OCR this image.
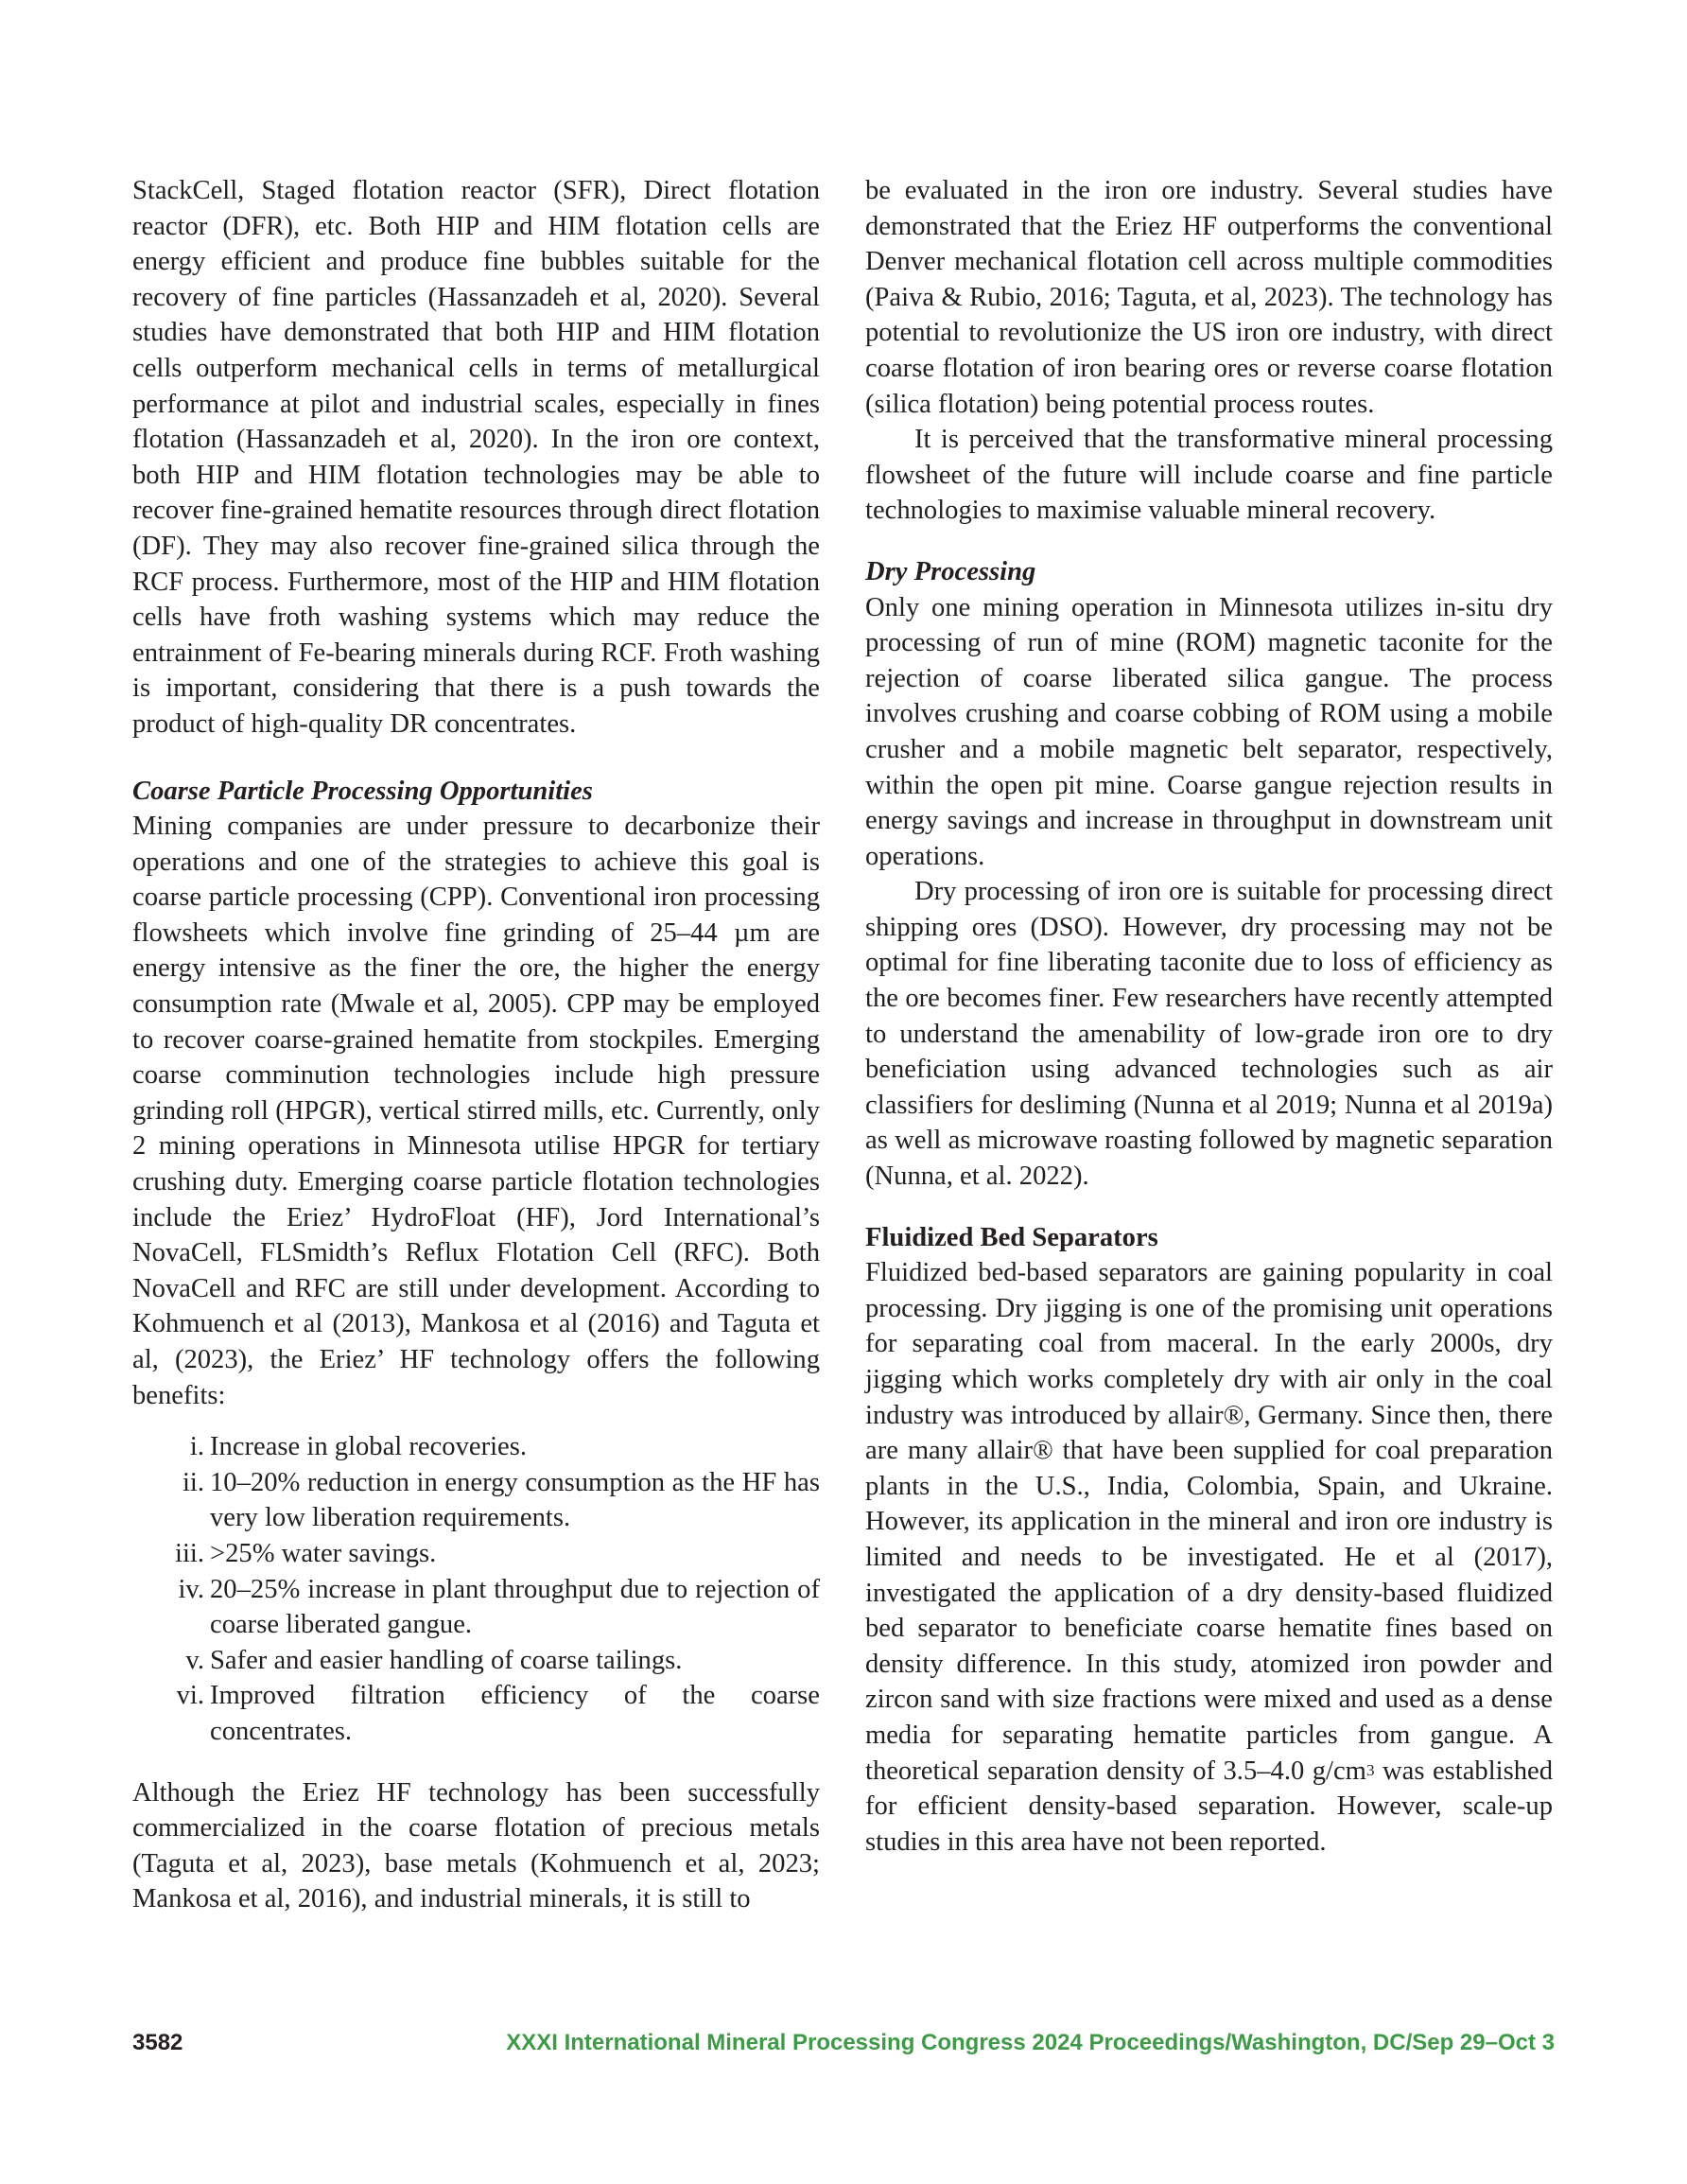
StackCell, Staged flotation reactor (SFR), Direct flotation reactor (DFR), etc. Both HIP and HIM flotation cells are energy efficient and produce fine bubbles suitable for the recovery of fine particles (Hassanzadeh et al, 2020). Several studies have demonstrated that both HIP and HIM flotation cells outperform mechanical cells in terms of metallurgical performance at pilot and industrial scales, especially in fines flotation (Hassanzadeh et al, 2020). In the iron ore context, both HIP and HIM flotation technologies may be able to recover fine-grained hematite resources through direct flotation (DF). They may also recover fine-grained silica through the RCF process. Furthermore, most of the HIP and HIM flotation cells have froth washing systems which may reduce the entrainment of Fe-bearing minerals during RCF. Froth washing is important, considering that there is a push towards the product of high-quality DR concentrates.

Coarse Particle Processing Opportunities

Mining companies are under pressure to decarbonize their operations and one of the strategies to achieve this goal is coarse particle processing (CPP). Conventional iron processing flowsheets which involve fine grinding of 25–44 µm are energy intensive as the finer the ore, the higher the energy consumption rate (Mwale et al, 2005). CPP may be employed to recover coarse-grained hematite from stockpiles. Emerging coarse comminution technologies include high pressure grinding roll (HPGR), vertical stirred mills, etc. Currently, only 2 mining operations in Minnesota utilise HPGR for tertiary crushing duty. Emerging coarse particle flotation technologies include the Eriez’ HydroFloat (HF), Jord International’s NovaCell, FLSmidth’s Reflux Flotation Cell (RFC). Both NovaCell and RFC are still under development. According to Kohmuench et al (2013), Mankosa et al (2016) and Taguta et al, (2023), the Eriez’ HF technology offers the following benefits:

i. Increase in global recoveries.
ii. 10–20% reduction in energy consumption as the HF has very low liberation requirements.
iii. >25% water savings.
iv. 20–25% increase in plant throughput due to rejection of coarse liberated gangue.
v. Safer and easier handling of coarse tailings.
vi. Improved filtration efficiency of the coarse concentrates.

Although the Eriez HF technology has been successfully commercialized in the coarse flotation of precious metals (Taguta et al, 2023), base metals (Kohmuench et al, 2023; Mankosa et al, 2016), and industrial minerals, it is still to

be evaluated in the iron ore industry. Several studies have demonstrated that the Eriez HF outperforms the conventional Denver mechanical flotation cell across multiple commodities (Paiva & Rubio, 2016; Taguta, et al, 2023). The technology has potential to revolutionize the US iron ore industry, with direct coarse flotation of iron bearing ores or reverse coarse flotation (silica flotation) being potential process routes.

It is perceived that the transformative mineral processing flowsheet of the future will include coarse and fine particle technologies to maximise valuable mineral recovery.

Dry Processing

Only one mining operation in Minnesota utilizes in-situ dry processing of run of mine (ROM) magnetic taconite for the rejection of coarse liberated silica gangue. The process involves crushing and coarse cobbing of ROM using a mobile crusher and a mobile magnetic belt separator, respectively, within the open pit mine. Coarse gangue rejection results in energy savings and increase in throughput in downstream unit operations.

Dry processing of iron ore is suitable for processing direct shipping ores (DSO). However, dry processing may not be optimal for fine liberating taconite due to loss of efficiency as the ore becomes finer. Few researchers have recently attempted to understand the amenability of low-grade iron ore to dry beneficiation using advanced technologies such as air classifiers for desliming (Nunna et al 2019; Nunna et al 2019a) as well as microwave roasting followed by magnetic separation (Nunna, et al. 2022).

Fluidized Bed Separators

Fluidized bed-based separators are gaining popularity in coal processing. Dry jigging is one of the promising unit operations for separating coal from maceral. In the early 2000s, dry jigging which works completely dry with air only in the coal industry was introduced by allair®, Germany. Since then, there are many allair® that have been supplied for coal preparation plants in the U.S., India, Colombia, Spain, and Ukraine. However, its application in the mineral and iron ore industry is limited and needs to be investigated. He et al (2017), investigated the application of a dry density-based fluidized bed separator to beneficiate coarse hematite fines based on density difference. In this study, atomized iron powder and zircon sand with size fractions were mixed and used as a dense media for separating hematite particles from gangue. A theoretical separation density of 3.5–4.0 $g/cm^3$ was established for efficient density-based separation. However, scale-up studies in this area have not been reported.

3582	XXXI International Mineral Processing Congress 2024 Proceedings/Washington, DC/Sep 29–Oct 3
